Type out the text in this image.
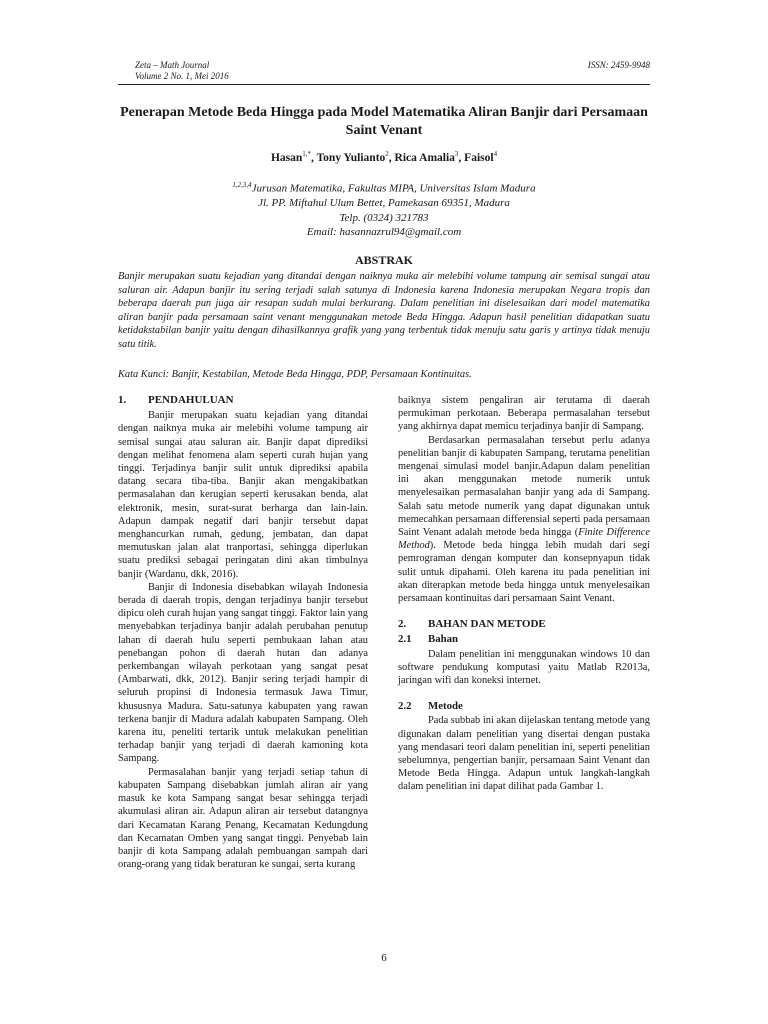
Zeta – Math Journal
Volume 2 No. 1, Mei 2016
ISSN: 2459-9948
Penerapan Metode Beda Hingga pada Model Matematika Aliran Banjir dari Persamaan Saint Venant
Hasan$^{1,*}$, Tony Yulianto$^2$, Rica Amalia$^3$, Faisol$^4$
$^{1,2,3,4}$Jurusan Matematika, Fakultas MIPA, Universitas Islam Madura
Jl. PP. Miftahul Ulum Bettet, Pamekasan 69351, Madura
Telp. (0324) 321783
Email: hasannazrul94@gmail.com
ABSTRAK
Banjir merupakan suatu kejadian yang ditandai dengan naiknya muka air melebihi volume tampung air semisal sungai atau saluran air. Adapun banjir itu sering terjadi salah satunya di Indonesia karena Indonesia merupakan Negara tropis dan beberapa daerah pun juga air resapan sudah mulai berkurang. Dalam penelitian ini diselesaikan dari model matematika aliran banjir pada persamaan saint venant menggunakan metode Beda Hingga. Adapun hasil penelitian didapatkan suatu ketidakstabilan banjir yaitu dengan dihasilkannya grafik yang yang terbentuk tidak menuju satu garis y artinya tidak menuju satu titik.
Kata Kunci: Banjir, Kestabilan, Metode Beda Hingga, PDP, Persamaan Kontinuitas.
1. PENDAHULUAN

Banjir merupakan suatu kejadian yang ditandai dengan naiknya muka air melebihi volume tampung air semisal sungai atau saluran air. Banjir dapat diprediksi dengan melihat fenomena alam seperti curah hujan yang tinggi. Terjadinya banjir sulit untuk diprediksi apabila datang secara tiba-tiba. Banjir akan mengakibatkan permasalahan dan kerugian seperti kerusakan benda, alat elektronik, mesin, surat-surat berharga dan lain-lain. Adapun dampak negatif dari banjir tersebut dapat menghancurkan rumah, gedung, jembatan, dan dapat memutuskan jalan alat tranportasi, sehingga diperlukan suatu prediksi sebagai peringatan dini akan timbulnya banjir (Wardanu, dkk, 2016).

Banjir di Indonesia disebabkan wilayah Indonesia berada di daerah tropis, dengan terjadinya banjir tersebut dipicu oleh curah hujan yang sangat tinggi. Faktor lain yang menyebabkan terjadinya banjir adalah perubahan penutup lahan di daerah hulu seperti pembukaan lahan atau penebangan pohon di daerah hutan dan adanya perkembangan wilayah perkotaan yang sangat pesat (Ambarwati, dkk, 2012). Banjir sering terjadi hampir di seluruh propinsi di Indonesia termasuk Jawa Timur, khususnya Madura. Satu-satunya kabupaten yang rawan terkena banjir di Madura adalah kabupaten Sampang. Oleh karena itu, peneliti tertarik untuk melakukan penelitian terhadap banjir yang terjadi di daerah kamoning kota Sampang.

Permasalahan banjir yang terjadi setiap tahun di kabupaten Sampang disebabkan jumlah aliran air yang masuk ke kota Sampang sangat besar sehingga terjadi akumulasi aliran air. Adapun aliran air tersebut datangnya dari Kecamatan Karang Penang, Kecamatan Kedungdung dan Kecamatan Omben yang sangat tinggi. Penyebab lain banjir di kota Sampang adalah pembuangan sampah dari orang-orang yang tidak beraturan ke sungai, serta kurang

baiknya sistem pengaliran air terutama di daerah permukiman perkotaan. Beberapa permasalahan tersebut yang akhirnya dapat memicu terjadinya banjir di Sampang.

Berdasarkan permasalahan tersebut perlu adanya penelitian banjir di kabupaten Sampang, terutama penelitian mengenai simulasi model banjir.Adapun dalam penelitian ini akan menggunakan metode numerik untuk menyelesaikan permasalahan banjir yang ada di Sampang. Salah satu metode numerik yang dapat digunakan untuk memecahkan persamaan differensial seperti pada persamaan Saint Venant adalah metode beda hingga (Finite Difference Method). Metode beda hingga lebih mudah dari segi pemrograman dengan komputer dan konsepnyapun tidak sulit untuk dipahami. Oleh karena itu pada penelitian ini akan diterapkan metode beda hingga untuk menyelesaikan persamaan kontinuitas dari persamaan Saint Venant.

2. BAHAN DAN METODE
2.1 Bahan

Dalam penelitian ini menggunakan windows 10 dan software pendukung komputasi yaitu Matlab R2013a, jaringan wifi dan koneksi internet.

2.2 Metode

Pada subbab ini akan dijelaskan tentang metode yang digunakan dalam penelitian yang disertai dengan pustaka yang mendasari teori dalam penelitian ini, seperti penelitian sebelumnya, pengertian banjir, persamaan Saint Venant dan Metode Beda Hingga. Adapun untuk langkah-langkah dalam penelitian ini dapat dilihat pada Gambar 1.

6
